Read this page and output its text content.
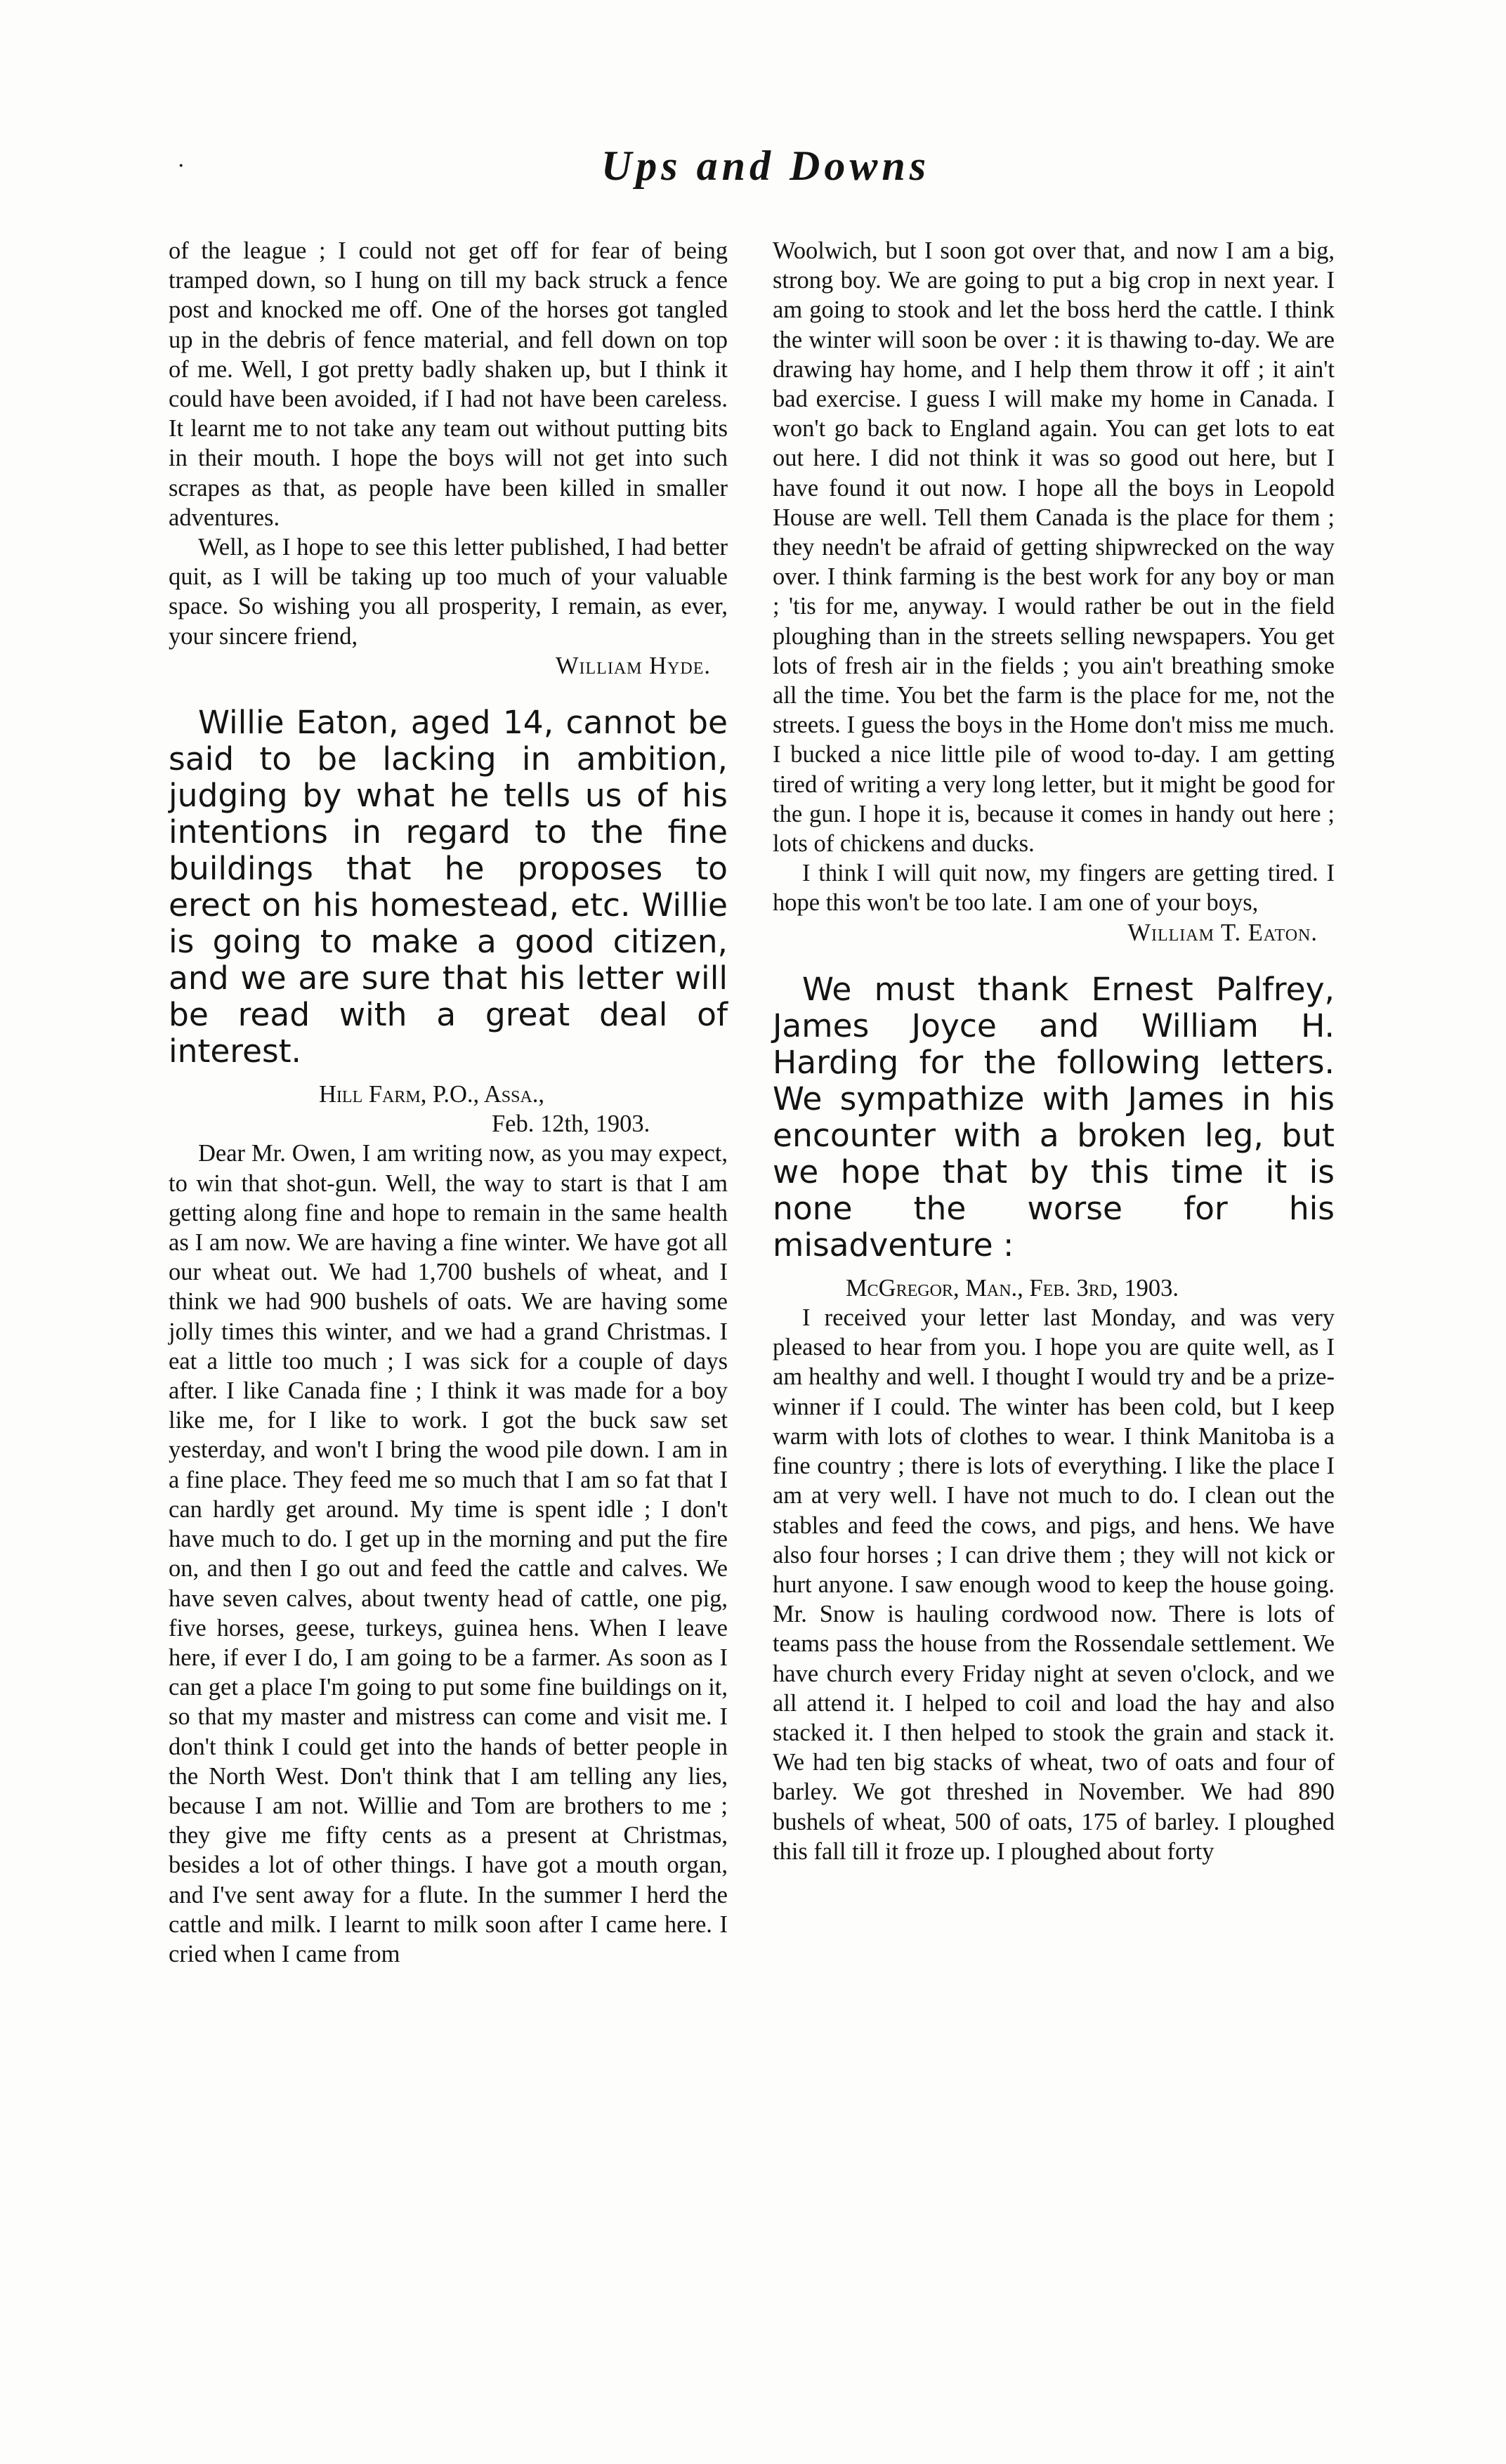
·	Ups and Downs

of the league ; I could not get off for fear of being tramped down, so I hung on till my back struck a fence post and knocked me off. One of the horses got tangled up in the debris of fence material, and fell down on top of me. Well, I got pretty badly shaken up, but I think it could have been avoided, if I had not have been careless. It learnt me to not take any team out without putting bits in their mouth. I hope the boys will not get into such scrapes as that, as people have been killed in smaller adventures.

Well, as I hope to see this letter published, I had better quit, as I will be taking up too much of your valuable space. So wishing you all prosperity, I remain, as ever, your sincere friend,

William Hyde.

Willie Eaton, aged 14, cannot be said to be lacking in ambition, judging by what he tells us of his intentions in regard to the fine buildings that he proposes to erect on his homestead, etc. Willie is going to make a good citizen, and we are sure that his letter will be read with a great deal of interest.

Hill Farm, P.O., Assa.,

Feb. 12th, 1903.

Dear Mr. Owen, I am writing now, as you may expect, to win that shot-gun. Well, the way to start is that I am getting along fine and hope to remain in the same health as I am now. We are having a fine winter. We have got all our wheat out. We had 1,700 bushels of wheat, and I think we had 900 bushels of oats. We are having some jolly times this winter, and we had a grand Christmas. I eat a little too much ; I was sick for a couple of days after. I like Canada fine ; I think it was made for a boy like me, for I like to work. I got the buck saw set yesterday, and won't I bring the wood pile down. I am in a fine place. They feed me so much that I am so fat that I can hardly get around. My time is spent idle ; I don't have much to do. I get up in the morning and put the fire on, and then I go out and feed the cattle and calves. We have seven calves, about twenty head of cattle, one pig, five horses, geese, turkeys, guinea hens. When I leave here, if ever I do, I am going to be a farmer. As soon as I can get a place I'm going to put some fine buildings on it, so that my master and mistress can come and visit me. I don't think I could get into the hands of better people in the North West. Don't think that I am telling any lies, because I am not. Willie and Tom are brothers to me ; they give me fifty cents as a present at Christmas, besides a lot of other things. I have got a mouth organ, and I've sent away for a flute. In the summer I herd the cattle and milk. I learnt to milk soon after I came here. I cried when I came from

Woolwich, but I soon got over that, and now I am a big, strong boy. We are going to put a big crop in next year. I am going to stook and let the boss herd the cattle. I think the winter will soon be over : it is thawing to-day. We are drawing hay home, and I help them throw it off ; it ain't bad exercise. I guess I will make my home in Canada. I won't go back to England again. You can get lots to eat out here. I did not think it was so good out here, but I have found it out now. I hope all the boys in Leopold House are well. Tell them Canada is the place for them ; they needn't be afraid of getting shipwrecked on the way over. I think farming is the best work for any boy or man ; 'tis for me, anyway. I would rather be out in the field ploughing than in the streets selling newspapers. You get lots of fresh air in the fields ; you ain't breathing smoke all the time. You bet the farm is the place for me, not the streets. I guess the boys in the Home don't miss me much. I bucked a nice little pile of wood to-day. I am getting tired of writing a very long letter, but it might be good for the gun. I hope it is, because it comes in handy out here ; lots of chickens and ducks.

I think I will quit now, my fingers are getting tired. I hope this won't be too late. I am one of your boys,

William T. Eaton.

We must thank Ernest Palfrey, James Joyce and William H. Harding for the following letters. We sympathize with James in his encounter with a broken leg, but we hope that by this time it is none the worse for his misadventure :

McGregor, Man., Feb. 3rd, 1903.

I received your letter last Monday, and was very pleased to hear from you. I hope you are quite well, as I am healthy and well. I thought I would try and be a prize-winner if I could. The winter has been cold, but I keep warm with lots of clothes to wear. I think Manitoba is a fine country ; there is lots of everything. I like the place I am at very well. I have not much to do. I clean out the stables and feed the cows, and pigs, and hens. We have also four horses ; I can drive them ; they will not kick or hurt anyone. I saw enough wood to keep the house going. Mr. Snow is hauling cordwood now. There is lots of teams pass the house from the Rossendale settlement. We have church every Friday night at seven o'clock, and we all attend it. I helped to coil and load the hay and also stacked it. I then helped to stook the grain and stack it. We had ten big stacks of wheat, two of oats and four of barley. We got threshed in November. We had 890 bushels of wheat, 500 of oats, 175 of barley. I ploughed this fall till it froze up. I ploughed about forty
